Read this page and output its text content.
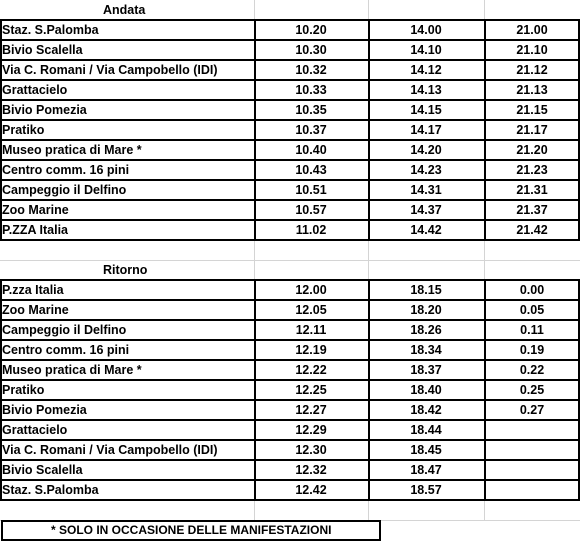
Andata
Ritorno
Staz. S.Palomba	10.20	14.00	21.00
Bivio Scalella	10.30	14.10	21.10
Via C. Romani / Via Campobello (IDI)	10.32	14.12	21.12
Grattacielo	10.33	14.13	21.13
Bivio Pomezia	10.35	14.15	21.15
Pratiko	10.37	14.17	21.17
Museo pratica di Mare *	10.40	14.20	21.20
Centro comm. 16 pini	10.43	14.23	21.23
Campeggio il Delfino	10.51	14.31	21.31
Zoo Marine	10.57	14.37	21.37
P.ZZA Italia	11.02	14.42	21.42
P.zza Italia	12.00	18.15	0.00
Zoo Marine	12.05	18.20	0.05
Campeggio il Delfino	12.11	18.26	0.11
Centro comm. 16 pini	12.19	18.34	0.19
Museo pratica di Mare *	12.22	18.37	0.22
Pratiko	12.25	18.40	0.25
Bivio Pomezia	12.27	18.42	0.27
Grattacielo	12.29	18.44
Via C. Romani / Via Campobello (IDI)	12.30	18.45
Bivio Scalella	12.32	18.47
Staz. S.Palomba	12.42	18.57
* SOLO IN OCCASIONE DELLE MANIFESTAZIONI
